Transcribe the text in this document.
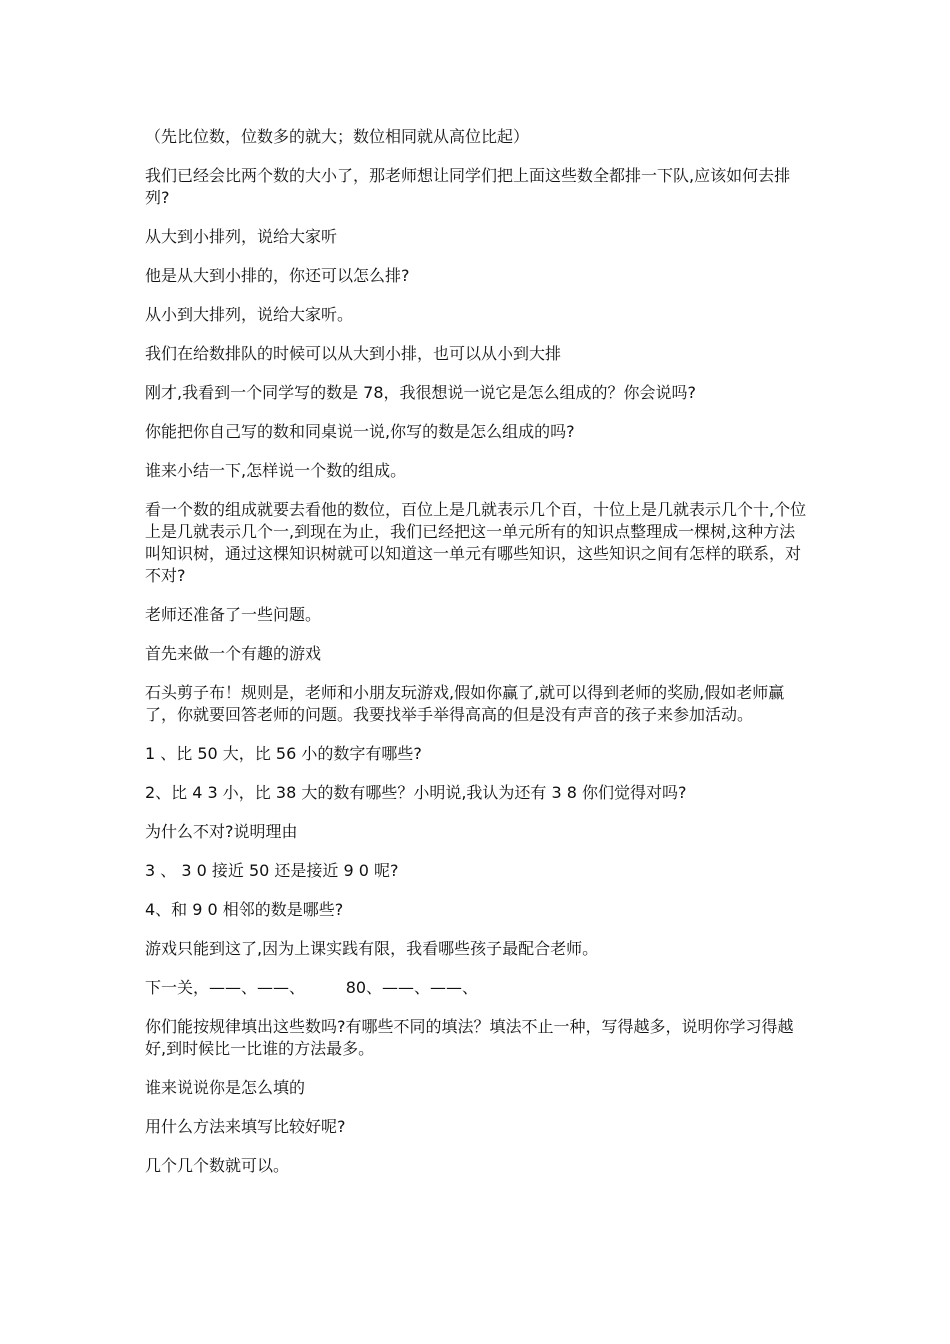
（先比位数，位数多的就大；数位相同就从高位比起）

我们已经会比两个数的大小了，那老师想让同学们把上面这些数全都排一下队,应该如何去排列?

从大到小排列，说给大家听

他是从大到小排的，你还可以怎么排?

从小到大排列，说给大家听。

我们在给数排队的时候可以从大到小排，也可以从小到大排

刚才,我看到一个同学写的数是 78，我很想说一说它是怎么组成的？你会说吗?

你能把你自己写的数和同桌说一说,你写的数是怎么组成的吗?

谁来小结一下,怎样说一个数的组成。

看一个数的组成就要去看他的数位，百位上是几就表示几个百，十位上是几就表示几个十,个位上是几就表示几个一,到现在为止，我们已经把这一单元所有的知识点整理成一棵树,这种方法叫知识树，通过这棵知识树就可以知道这一单元有哪些知识，这些知识之间有怎样的联系，对不对?

老师还准备了一些问题。

首先来做一个有趣的游戏

石头剪子布！规则是，老师和小朋友玩游戏,假如你赢了,就可以得到老师的奖励,假如老师赢了，你就要回答老师的问题。我要找举手举得高高的但是没有声音的孩子来参加活动。

1 、比 50 大，比 56 小的数字有哪些?

2、比 4 3 小，比 38 大的数有哪些？小明说,我认为还有 3 8 你们觉得对吗?

为什么不对?说明理由

3 、 3 0 接近 50 还是接近 9 0 呢?

4、和 9 0 相邻的数是哪些?

游戏只能到这了,因为上课实践有限，我看哪些孩子最配合老师。

下一关，——、——、        80、——、——、

你们能按规律填出这些数吗?有哪些不同的填法？填法不止一种，写得越多，说明你学习得越好,到时候比一比谁的方法最多。

谁来说说你是怎么填的

用什么方法来填写比较好呢?

几个几个数就可以。
